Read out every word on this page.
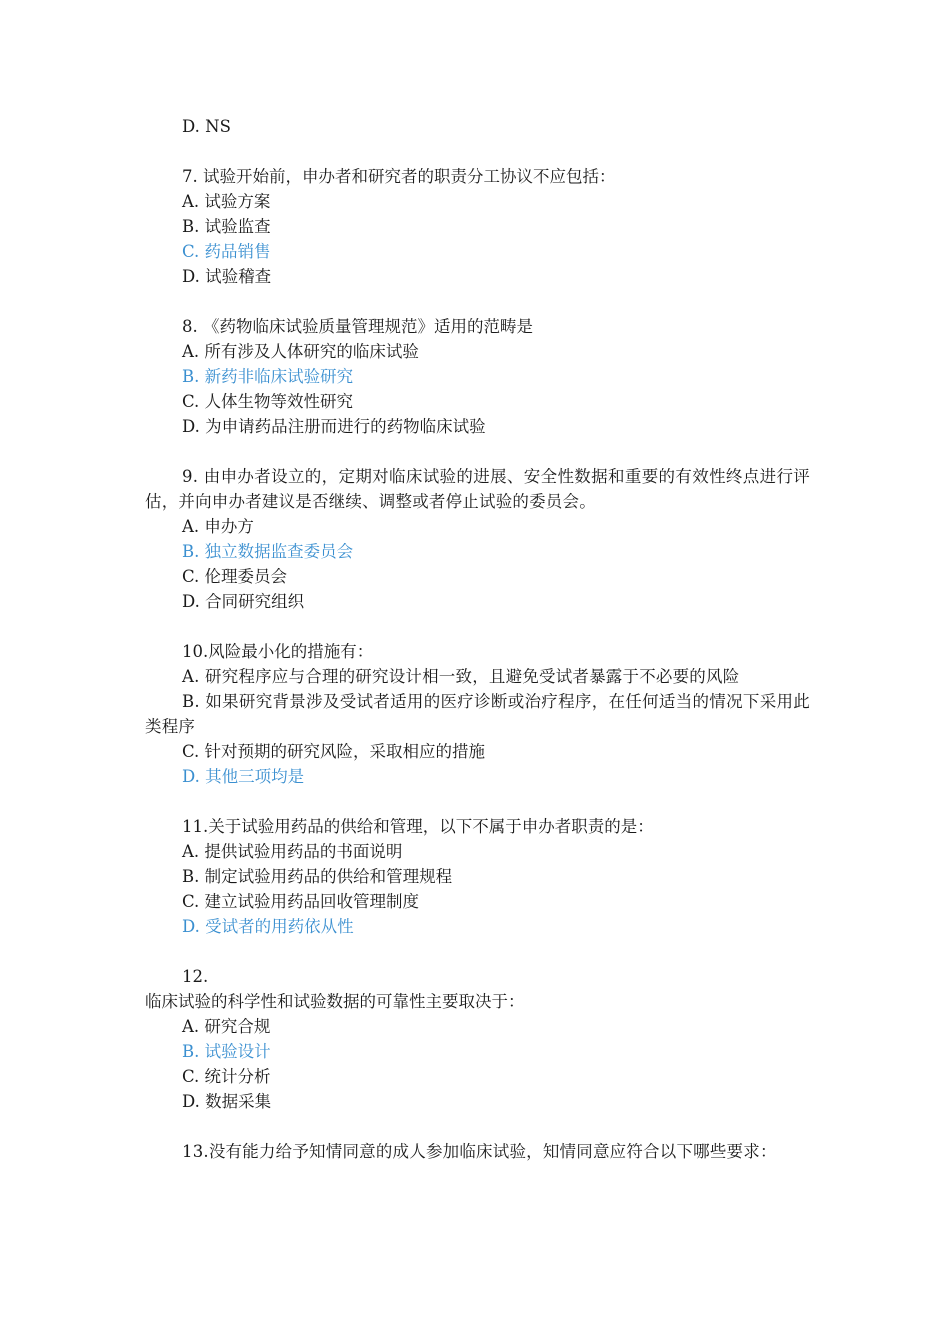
D. NS
7. 试验开始前，申办者和研究者的职责分工协议不应包括：
A. 试验方案
B. 试验监查
C. 药品销售
D. 试验稽查
8. 《药物临床试验质量管理规范》适用的范畴是
A. 所有涉及人体研究的临床试验
B. 新药非临床试验研究
C. 人体生物等效性研究
D. 为申请药品注册而进行的药物临床试验
9. 由申办者设立的，定期对临床试验的进展、安全性数据和重要的有效性终点进行评估，并向申办者建议是否继续、调整或者停止试验的委员会。
A. 申办方
B. 独立数据监查委员会
C. 伦理委员会
D. 合同研究组织
10.风险最小化的措施有：
A. 研究程序应与合理的研究设计相一致，且避免受试者暴露于不必要的风险
B. 如果研究背景涉及受试者适用的医疗诊断或治疗程序，在任何适当的情况下采用此类程序
C. 针对预期的研究风险，采取相应的措施
D. 其他三项均是
11.关于试验用药品的供给和管理，以下不属于申办者职责的是：
A. 提供试验用药品的书面说明
B. 制定试验用药品的供给和管理规程
C. 建立试验用药品回收管理制度
D. 受试者的用药依从性
12.
临床试验的科学性和试验数据的可靠性主要取决于：
A. 研究合规
B. 试验设计
C. 统计分析
D. 数据采集
13.没有能力给予知情同意的成人参加临床试验，知情同意应符合以下哪些要求：
